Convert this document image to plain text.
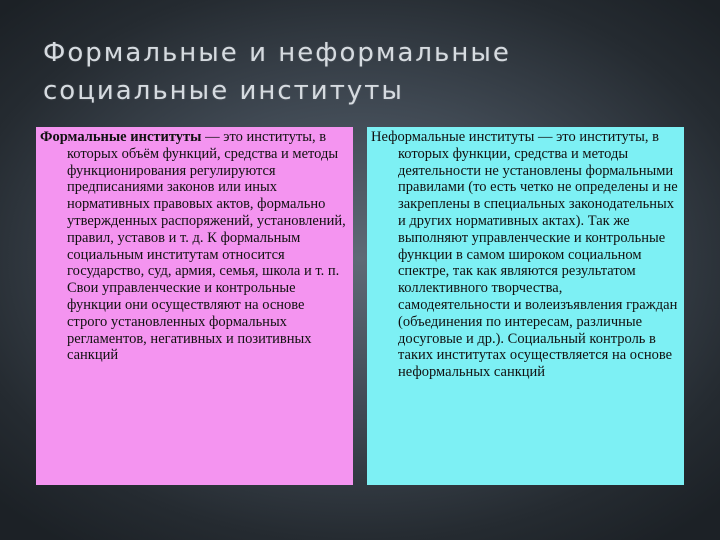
Формальные и неформальные
социальные институты

Формальные институты — это институты, в которых объём функций, средства и методы функционирования регулируются предписаниями законов или иных нормативных правовых актов, формально утвержденных распоряжений, установлений, правил, уставов и т. д. К формальным социальным институтам относится государство, суд, армия, семья, школа и т. п. Свои управленческие и контрольные функции они осуществляют на основе строго установленных формальных регламентов, негативных и позитивных санкций

Неформальные институты — это институты, в которых функции, средства и методы деятельности не установлены формальными правилами (то есть четко не определены и не закреплены в специальных законодательных и других нормативных актах). Так же выполняют управленческие и контрольные функции в самом широком социальном спектре, так как являются результатом коллективного творчества, самодеятельности и волеизъявления граждан (объединения по интересам, различные досуговые и др.). Социальный контроль в таких институтах осуществляется на основе неформальных санкций
